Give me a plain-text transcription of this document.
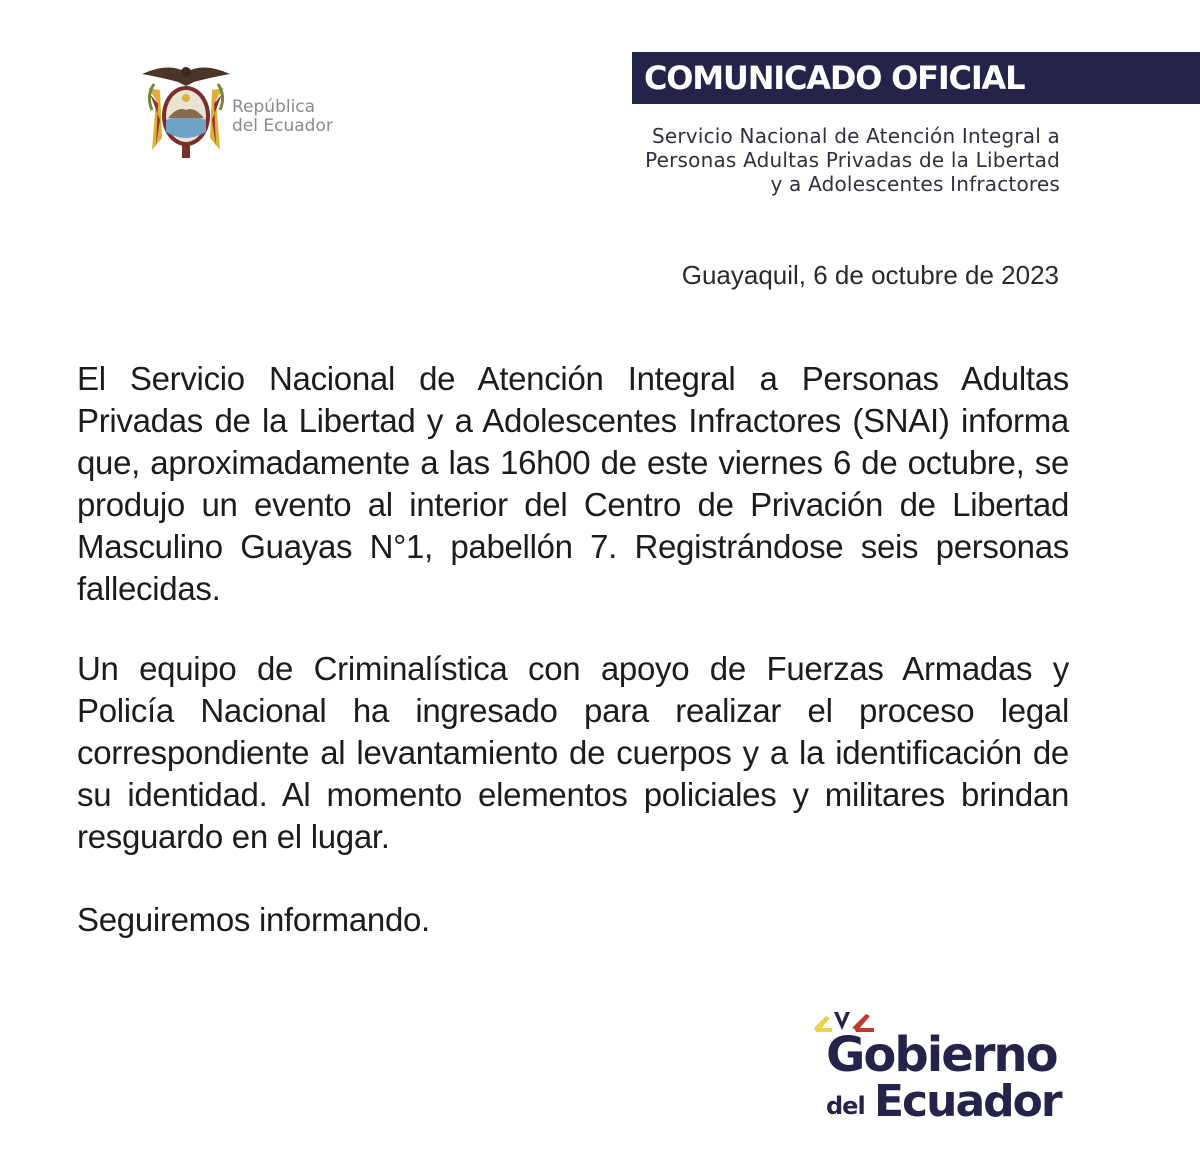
República
del Ecuador
COMUNICADO OFICIAL
Servicio Nacional de Atención Integral a
Personas Adultas Privadas de la Libertad
y a Adolescentes Infractores
Guayaquil, 6 de octubre de 2023
El Servicio Nacional de Atención Integral a Personas Adultas Privadas de la Libertad y a Adolescentes Infractores (SNAI) informa que, aproximadamente a las 16h00 de este viernes 6 de octubre, se produjo un evento al interior del Centro de Privación de Libertad Masculino Guayas N°1, pabellón 7. Registrándose seis personas fallecidas.
Un equipo de Criminalística con apoyo de Fuerzas Armadas y Policía Nacional ha ingresado para realizar el proceso legal correspondiente al levantamiento de cuerpos y a la identificación de su identidad. Al momento elementos policiales y militares brindan resguardo en el lugar.
Seguiremos informando.
Gobierno
del Ecuador
